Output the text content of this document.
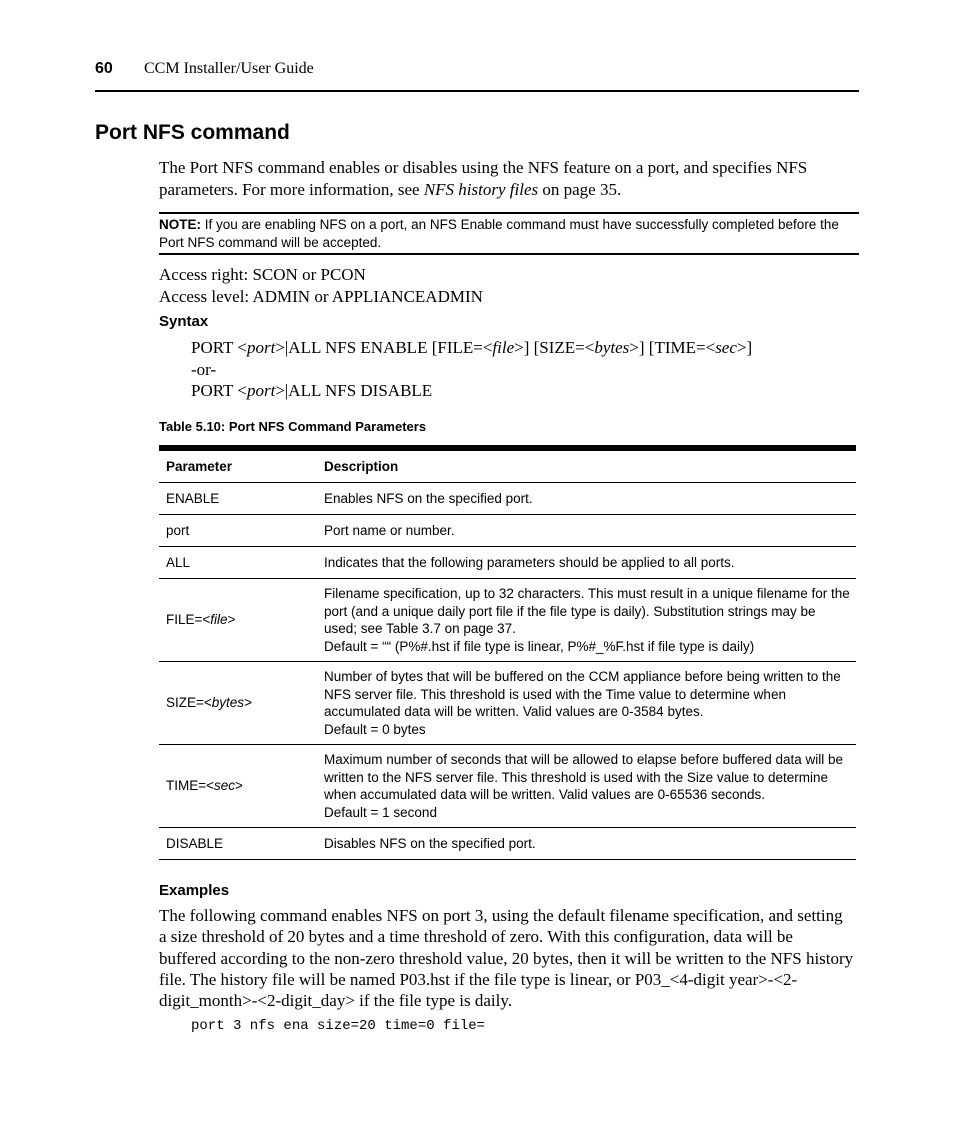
60 CCM Installer/User Guide
Port NFS command

The Port NFS command enables or disables using the NFS feature on a port, and specifies NFS parameters. For more information, see NFS history files on page 35.

NOTE: If you are enabling NFS on a port, an NFS Enable command must have successfully completed before the Port NFS command will be accepted.
Access right: SCON or PCON
Access level: ADMIN or APPLIANCEADMIN
Syntax
PORT <port>|ALL NFS ENABLE [FILE=<file>] [SIZE=<bytes>] [TIME=<sec>]
-or-
PORT <port>|ALL NFS DISABLE
Table 5.10: Port NFS Command Parameters
Parameter	Description
ENABLE	Enables NFS on the specified port.
port	Port name or number.
ALL	Indicates that the following parameters should be applied to all ports.
FILE=<file>	Filename specification, up to 32 characters. This must result in a unique filename for the port (and a unique daily port file if the file type is daily). Substitution strings may be used; see Table 3.7 on page 37.
Default = ““ (P%#.hst if file type is linear, P%#_%F.hst if file type is daily)

SIZE=<bytes>	Number of bytes that will be buffered on the CCM appliance before being written to the NFS server file. This threshold is used with the Time value to determine when accumulated data will be written. Valid values are 0-3584 bytes.
Default = 0 bytes

TIME=<sec>	Maximum number of seconds that will be allowed to elapse before buffered data will be written to the NFS server file. This threshold is used with the Size value to determine when accumulated data will be written. Valid values are 0-65536 seconds.
Default = 1 second

DISABLE	Disables NFS on the specified port.
Examples

The following command enables NFS on port 3, using the default filename specification, and setting a size threshold of 20 bytes and a time threshold of zero. With this configuration, data will be buffered according to the non-zero threshold value, 20 bytes, then it will be written to the NFS history file. The history file will be named P03.hst if the file type is linear, or P03_<4-digit year>-<2-digit_month>-<2-digit_day> if the file type is daily.

port 3 nfs ena size=20 time=0 file=
